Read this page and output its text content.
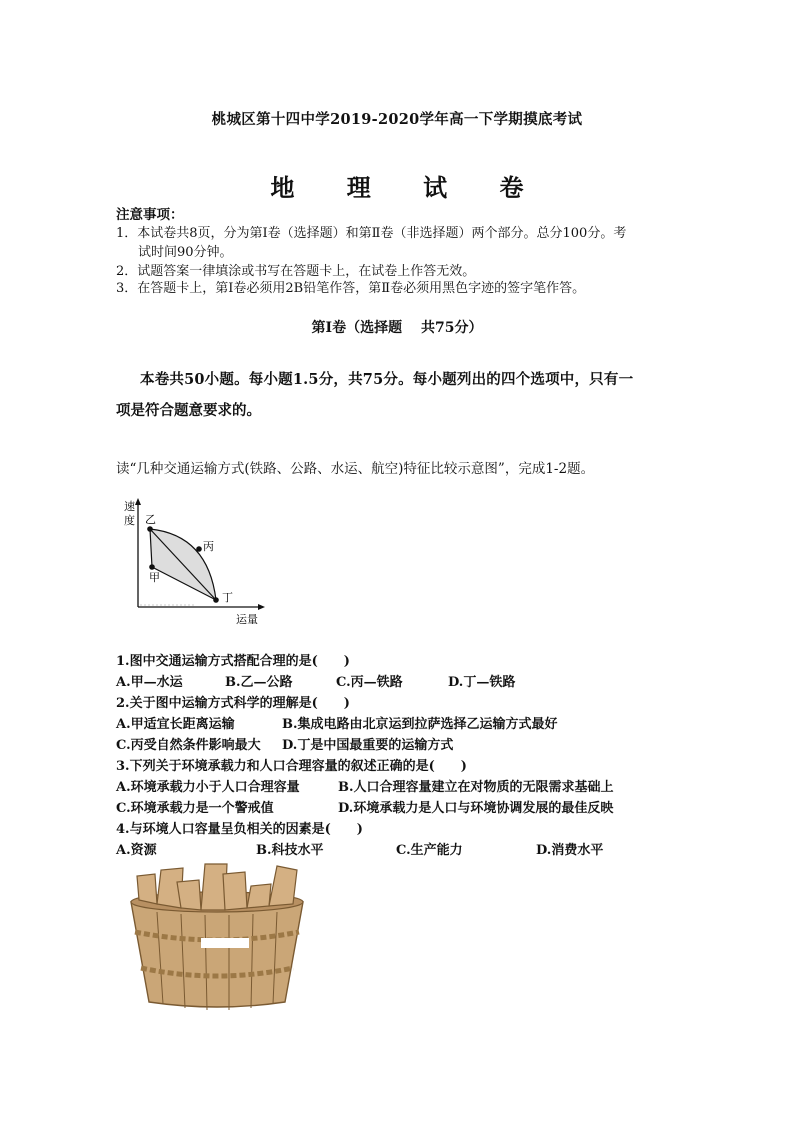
桃城区第十四中学2019-2020学年高一下学期摸底考试
地 理 试 卷
注意事项：
1．本试卷共8页，分为第Ⅰ卷（选择题）和第Ⅱ卷（非选择题）两个部分。总分100分。考
试时间90分钟。
2．试题答案一律填涂或书写在答题卡上，在试卷上作答无效。
3．在答题卡上，第Ⅰ卷必须用2B铅笔作答，第Ⅱ卷必须用黑色字迹的签字笔作答。
第Ⅰ卷（选择题　 共75分）
本卷共50小题。每小题1.5分，共75分。每小题列出的四个选项中，只有一
项是符合题意要求的。
读“几种交通运输方式(铁路、公路、水运、航空)特征比较示意图”，完成1-2题。
速
度 乙
丙
甲
丁
运量
1.图中交通运输方式搭配合理的是(　　)
A.甲—水运	B.乙—公路	C.丙—铁路	D.丁—铁路
2.关于图中运输方式科学的理解是(　　)
A.甲适宜长距离运输	B.集成电路由北京运到拉萨选择乙运输方式最好
C.丙受自然条件影响最大 D.丁是中国最重要的运输方式
3.下列关于环境承载力和人口合理容量的叙述正确的是(　　)
A.环境承载力小于人口合理容量	B.人口合理容量建立在对物质的无限需求基础上
C.环境承载力是一个警戒值	D.环境承载力是人口与环境协调发展的最佳反映
4.与环境人口容量呈负相关的因素是(　　)
A.资源	B.科技水平	C.生产能力	D.消费水平
